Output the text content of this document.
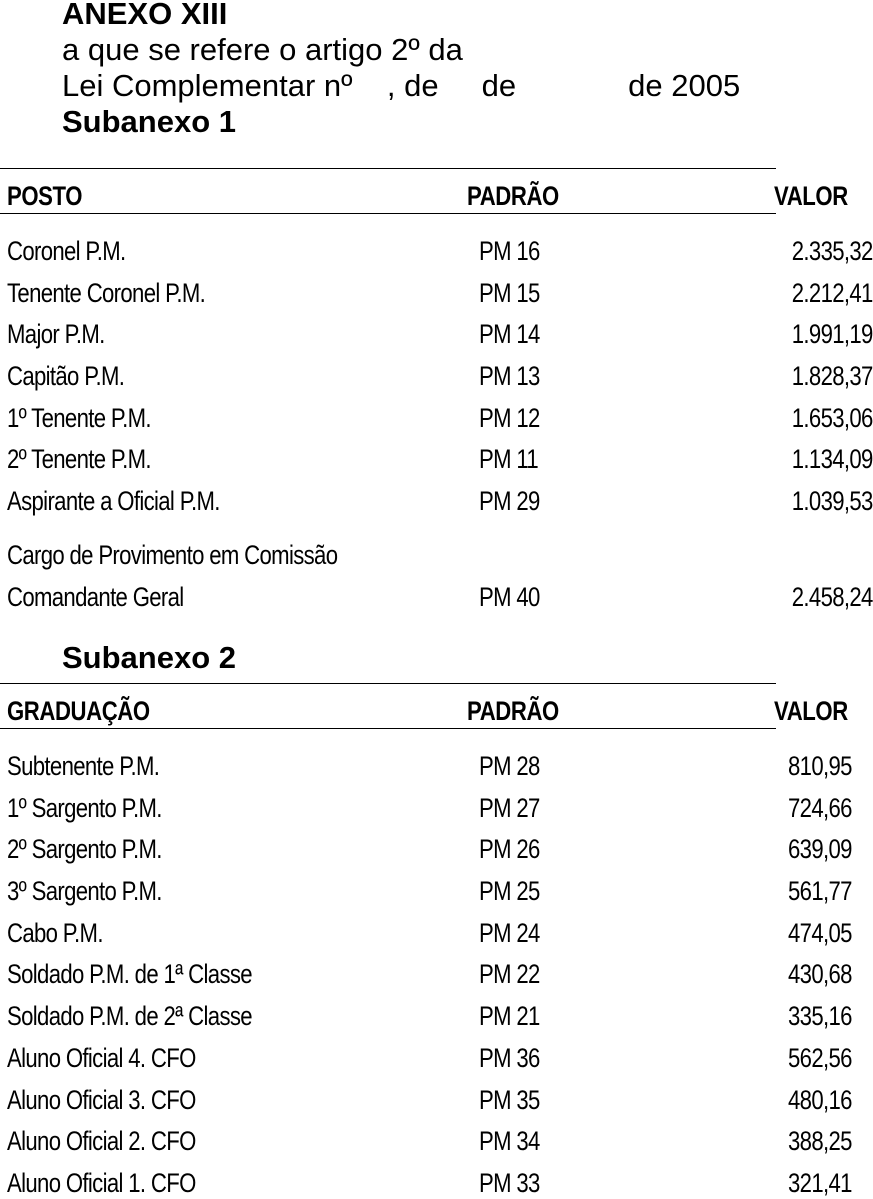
ANEXO XIII
a que se refere o artigo 2º da
Lei Complementar nº    , de     de             de 2005
Subanexo 1
POSTO	PADRÃO	VALOR
Coronel P.M.	PM 16	2.335,32
Tenente Coronel P.M.	PM 15	2.212,41
Major P.M.	PM 14	1.991,19
Capitão P.M.	PM 13	1.828,37
1º Tenente P.M.	PM 12	1.653,06
2º Tenente P.M.	PM 11	1.134,09
Aspirante a Oficial P.M.	PM 29	1.039,53
Cargo de Provimento em Comissão
Comandante Geral	PM 40	2.458,24
Subanexo 2
GRADUAÇÃO	PADRÃO	VALOR
Subtenente P.M.	PM 28	810,95
1º Sargento P.M.	PM 27	724,66
2º Sargento P.M.	PM 26	639,09
3º Sargento P.M.	PM 25	561,77
Cabo P.M.	PM 24	474,05
Soldado P.M. de 1ª Classe	PM 22	430,68
Soldado P.M. de 2ª Classe	PM 21	335,16
Aluno Oficial 4. CFO	PM 36	562,56
Aluno Oficial 3. CFO	PM 35	480,16
Aluno Oficial 2. CFO	PM 34	388,25
Aluno Oficial 1. CFO	PM 33	321,41
